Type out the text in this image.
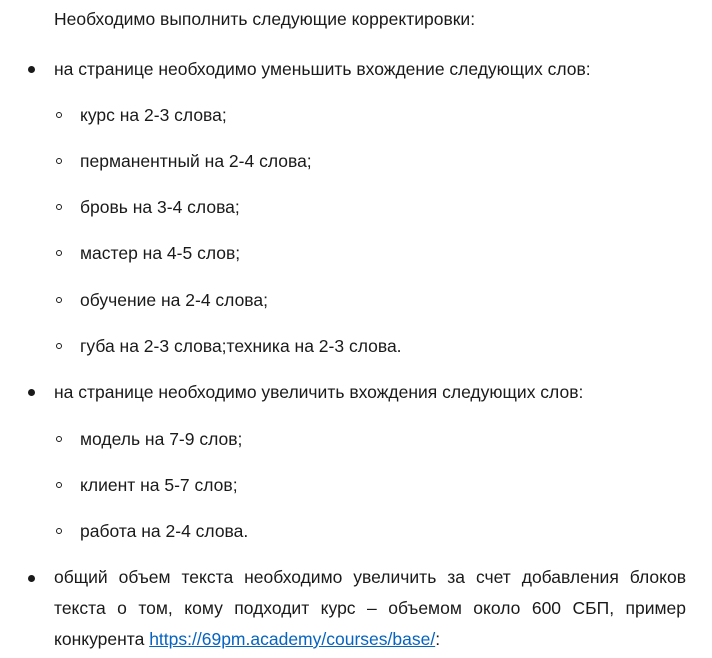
Необходимо выполнить следующие корректировки:
на странице необходимо уменьшить вхождение следующих слов:
курс на 2-3 слова;
перманентный на 2-4 слова;
бровь на 3-4 слова;
мастер на 4-5 слов;
обучение на 2-4 слова;
губа на 2-3 слова;техника на 2-3 слова.
на странице необходимо увеличить вхождения следующих слов:
модель на 7-9 слов;
клиент на 5-7 слов;
работа на 2-4 слова.
общий объем текста необходимо увеличить за счет добавления блоков текста о том, кому подходит курс – объемом около 600 СБП, пример конкурента https://69pm.academy/courses/base/:
